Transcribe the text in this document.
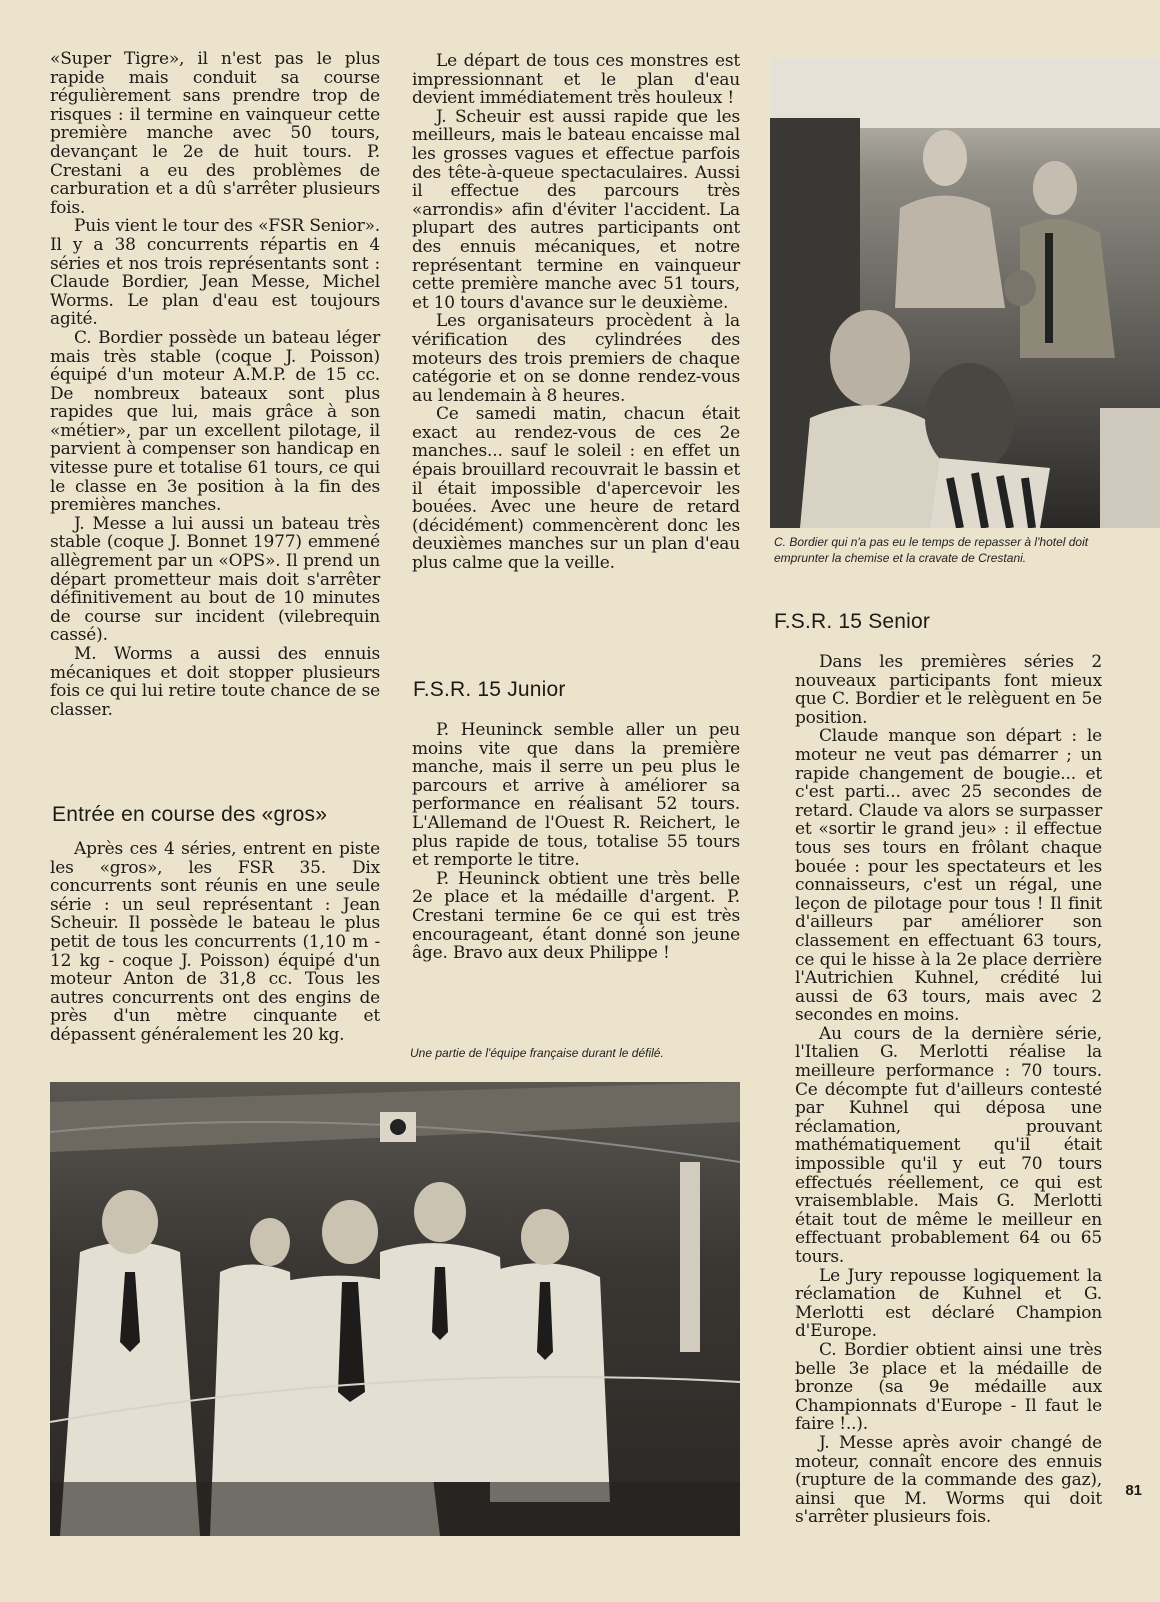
«Super Tigre», il n'est pas le plus rapide mais conduit sa course régulièrement sans prendre trop de risques : il termine en vainqueur cette première manche avec 50 tours, devançant le 2e de huit tours. P. Crestani a eu des problèmes de carburation et a dû s'arrêter plusieurs fois.

Puis vient le tour des «FSR Senior». Il y a 38 concurrents répartis en 4 séries et nos trois représentants sont : Claude Bordier, Jean Messe, Michel Worms. Le plan d'eau est toujours agité.

C. Bordier possède un bateau léger mais très stable (coque J. Poisson) équipé d'un moteur A.M.P. de 15 cc. De nombreux bateaux sont plus rapides que lui, mais grâce à son «métier», par un excellent pilotage, il parvient à compenser son handicap en vitesse pure et totalise 61 tours, ce qui le classe en 3e position à la fin des premières manches.

J. Messe a lui aussi un bateau très stable (coque J. Bonnet 1977) emmené allègrement par un «OPS». Il prend un départ prometteur mais doit s'arrêter définitivement au bout de 10 minutes de course sur incident (vilebrequin cassé).

M. Worms a aussi des ennuis mécaniques et doit stopper plusieurs fois ce qui lui retire toute chance de se classer.

Entrée en course des «gros»

Après ces 4 séries, entrent en piste les «gros», les FSR 35. Dix concurrents sont réunis en une seule série : un seul représentant : Jean Scheuir. Il possède le bateau le plus petit de tous les concurrents (1,10 m - 12 kg - coque J. Poisson) équipé d'un moteur Anton de 31,8 cc. Tous les autres concurrents ont des engins de près d'un mètre cinquante et dépassent généralement les 20 kg.

Le départ de tous ces monstres est impressionnant et le plan d'eau devient immédiatement très houleux !

J. Scheuir est aussi rapide que les meilleurs, mais le bateau encaisse mal les grosses vagues et effectue parfois des tête-à-queue spectaculaires. Aussi il effectue des parcours très «arrondis» afin d'éviter l'accident. La plupart des autres participants ont des ennuis mécaniques, et notre représentant termine en vainqueur cette première manche avec 51 tours, et 10 tours d'avance sur le deuxième.

Les organisateurs procèdent à la vérification des cylindrées des moteurs des trois premiers de chaque catégorie et on se donne rendez-vous au lendemain à 8 heures.

Ce samedi matin, chacun était exact au rendez-vous de ces 2e manches... sauf le soleil : en effet un épais brouillard recouvrait le bassin et il était impossible d'apercevoir les bouées. Avec une heure de retard (décidément) commencèrent donc les deuxièmes manches sur un plan d'eau plus calme que la veille.

F.S.R. 15 Junior

P. Heuninck semble aller un peu moins vite que dans la première manche, mais il serre un peu plus le parcours et arrive à améliorer sa performance en réalisant 52 tours. L'Allemand de l'Ouest R. Reichert, le plus rapide de tous, totalise 55 tours et remporte le titre.

P. Heuninck obtient une très belle 2e place et la médaille d'argent. P. Crestani termine 6e ce qui est très encourageant, étant donné son jeune âge. Bravo aux deux Philippe !

Une partie de l'équipe française durant le défilé.
C. Bordier qui n'a pas eu le temps de repasser à l'hotel doit emprunter la chemise et la cravate de Crestani.
F.S.R. 15 Senior

Dans les premières séries 2 nouveaux participants font mieux que C. Bordier et le relèguent en 5e position.

Claude manque son départ : le moteur ne veut pas démarrer ; un rapide changement de bougie... et c'est parti... avec 25 secondes de retard. Claude va alors se surpasser et «sortir le grand jeu» : il effectue tous ses tours en frôlant chaque bouée : pour les spectateurs et les connaisseurs, c'est un régal, une leçon de pilotage pour tous ! Il finit d'ailleurs par améliorer son classement en effectuant 63 tours, ce qui le hisse à la 2e place derrière l'Autrichien Kuhnel, crédité lui aussi de 63 tours, mais avec 2 secondes en moins.

Au cours de la dernière série, l'Italien G. Merlotti réalise la meilleure performance : 70 tours. Ce décompte fut d'ailleurs contesté par Kuhnel qui déposa une réclamation, prouvant mathématiquement qu'il était impossible qu'il y eut 70 tours effectués réellement, ce qui est vraisemblable. Mais G. Merlotti était tout de même le meilleur en effectuant probablement 64 ou 65 tours.

Le Jury repousse logiquement la réclamation de Kuhnel et G. Merlotti est déclaré Champion d'Europe.

C. Bordier obtient ainsi une très belle 3e place et la médaille de bronze (sa 9e médaille aux Championnats d'Europe - Il faut le faire !..).

J. Messe après avoir changé de moteur, connaît encore des ennuis (rupture de la commande des gaz), ainsi que M. Worms qui doit s'arrêter plusieurs fois.

81
